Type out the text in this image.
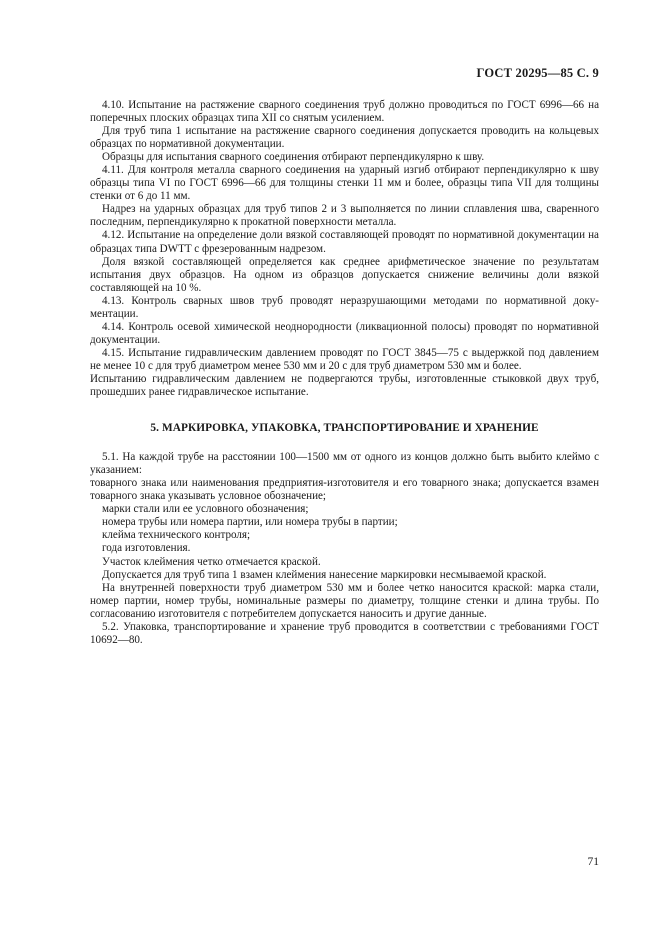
ГОСТ 20295—85 С. 9

4.10. Испытание на растяжение сварного соединения труб должно проводиться по ГОСТ 6996—66 на поперечных плоских образцах типа XII со снятым усилением.

Для труб типа 1 испытание на растяжение сварного соединения допускается проводить на кольцевых образцах по нормативной документации.

Образцы для испытания сварного соединения отбирают перпендикулярно к шву.

4.11. Для контроля металла сварного соединения на ударный изгиб отбирают перпендикулярно к шву образцы типа VI по ГОСТ 6996—66 для толщины стенки 11 мм и более, образцы типа VII для толщины стенки от 6 до 11 мм.

Надрез на ударных образцах для труб типов 2 и 3 выполняется по линии сплавления шва, сваренного последним, перпендикулярно к прокатной поверхности металла.

4.12. Испытание на определение доли вязкой составляющей проводят по нормативной документации на образцах типа DWTT с фрезерованным надрезом.

Доля вязкой составляющей определяется как среднее арифметическое значение по результатам испытания двух образцов. На одном из образцов допускается снижение величины доли вязкой составляющей на 10 %.

4.13. Контроль сварных швов труб проводят неразрушающими методами по нормативной документации.

4.14. Контроль осевой химической неоднородности (ликвационной полосы) проводят по нормативной документации.

4.15. Испытание гидравлическим давлением проводят по ГОСТ 3845—75 с выдержкой под давлением не менее 10 с для труб диаметром менее 530 мм и 20 с для труб диаметром 530 мм и более.

Испытанию гидравлическим давлением не подвергаются трубы, изготовленные стыковкой двух труб, прошедших ранее гидравлическое испытание.

5. МАРКИРОВКА, УПАКОВКА, ТРАНСПОРТИРОВАНИЕ И ХРАНЕНИЕ

5.1. На каждой трубе на расстоянии 100—1500 мм от одного из концов должно быть выбито клеймо с указанием:

товарного знака или наименования предприятия-изготовителя и его товарного знака; допускается взамен товарного знака указывать условное обозначение;

марки стали или ее условного обозначения;

номера трубы или номера партии, или номера трубы в партии;

клейма технического контроля;

года изготовления.

Участок клеймения четко отмечается краской.

Допускается для труб типа 1 взамен клеймения нанесение маркировки несмываемой краской.

На внутренней поверхности труб диаметром 530 мм и более четко наносится краской: марка стали, номер партии, номер трубы, номинальные размеры по диаметру, толщине стенки и длина трубы. По согласованию изготовителя с потребителем допускается наносить и другие данные.

5.2. Упаковка, транспортирование и хранение труб проводится в соответствии с требованиями ГОСТ 10692—80.

71
